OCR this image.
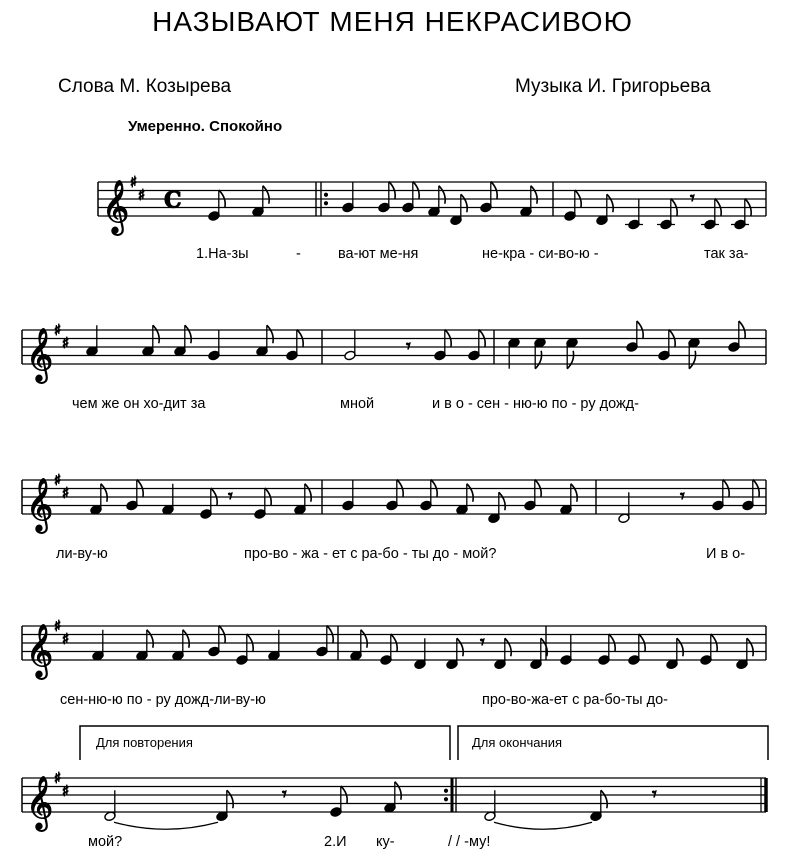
НАЗЫВАЮТ МЕНЯ НЕКРАСИВОЮ
Слова М. Козырева	Музыка И. Григорьева
Умеренно. Спокойно
1.На-зы	-	ва-ют ме-ня	не-кра - си-во-ю -	так за-
чем же он хо-дит за	мной	и в о - сен - ню-ю по - ру дожд-
ли-ву-ю	про-во - жа - ет с ра-бо - ты до - мой?	И в о-
сен-ню-ю по - ру дожд-ли-ву-ю	про-во-жа-ет с ра-бо-ты до-
Для повторения	Для окончания
мой?	2.И ку-	/ / -му!
𝄞 ♯
♯ C
𝄞 ♯
♯
𝄞 ♯
♯
𝄞 ♯
♯
𝄞 ♯
♯
𝄾
𝄾
𝄾	𝄾
𝄾
𝄾	𝄾
